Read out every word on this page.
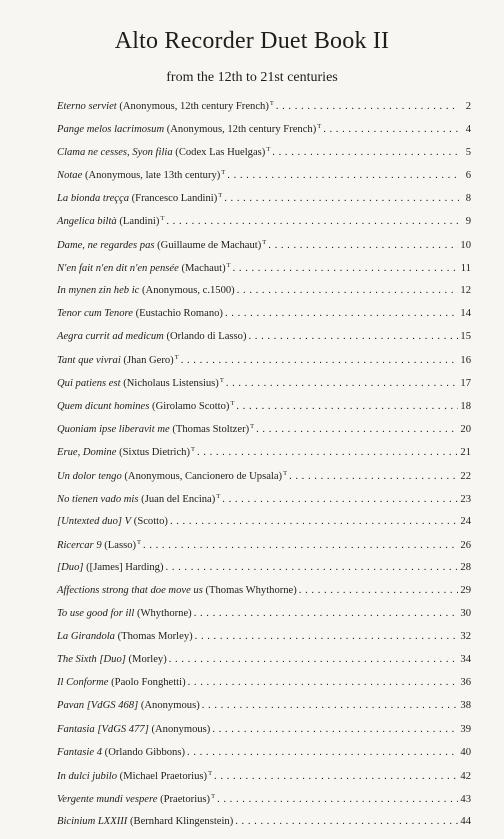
Alto Recorder Duet Book II
from the 12th to 21st centuries
Eterno serviet (Anonymous, 12th century French)$^T$ . . .	2
Pange melos lacrimosum (Anonymous, 12th century French)$^T$ . . .	4
Clama ne cesses, Syon filia (Codex Las Huelgas)$^T$ . . .	5
Notae (Anonymous, late 13th century)$^T$ . . .	6
La bionda treçça (Francesco Landini)$^T$ . . .	8
Angelica biltà (Landini)$^T$ . . .	9
Dame, ne regardes pas (Guillaume de Machaut)$^T$ . . .	10
N'en fait n'en dit n'en pensée (Machaut)$^T$ . . .	11
In mynen zin heb ic (Anonymous, c.1500) . . .	12
Tenor cum Tenore (Eustachio Romano) . . .	14
Aegra currit ad medicum (Orlando di Lasso) . . .	15
Tant que vivrai (Jhan Gero)$^T$ . . .	16
Qui patiens est (Nicholaus Listensius)$^T$ . . .	17
Quem dicunt homines (Girolamo Scotto)$^T$ . . .	18
Quoniam ipse liberavit me (Thomas Stoltzer)$^T$ . . .	20
Erue, Domine (Sixtus Dietrich)$^T$ . . .	21
Un dolor tengo (Anonymous, Cancionero de Upsala)$^T$ . . .	22
No tienen vado mis (Juan del Encina)$^T$ . . .	23
[Untexted duo] V (Scotto) . . .	24
Ricercar 9 (Lasso)$^T$ . . .	26
[Duo] ([James] Harding) . . .	28
Affections strong that doe move us (Thomas Whythorne) . . .	29
To use good for ill (Whythorne) . . .	30
La Girandola (Thomas Morley) . . .	32
The Sixth [Duo] (Morley) . . .	34
Il Conforme (Paolo Fonghetti) . . .	36
Pavan [VdGS 468] (Anonymous) . . .	38
Fantasia [VdGS 477] (Anonymous) . . .	39
Fantasie 4 (Orlando Gibbons) . . .	40
In dulci jubilo (Michael Praetorius)$^T$ . . .	42
Vergente mundi vespere (Praetorius)$^T$ . . .	43
Bicinium LXXIII (Bernhard Klingenstein) . . .	44
